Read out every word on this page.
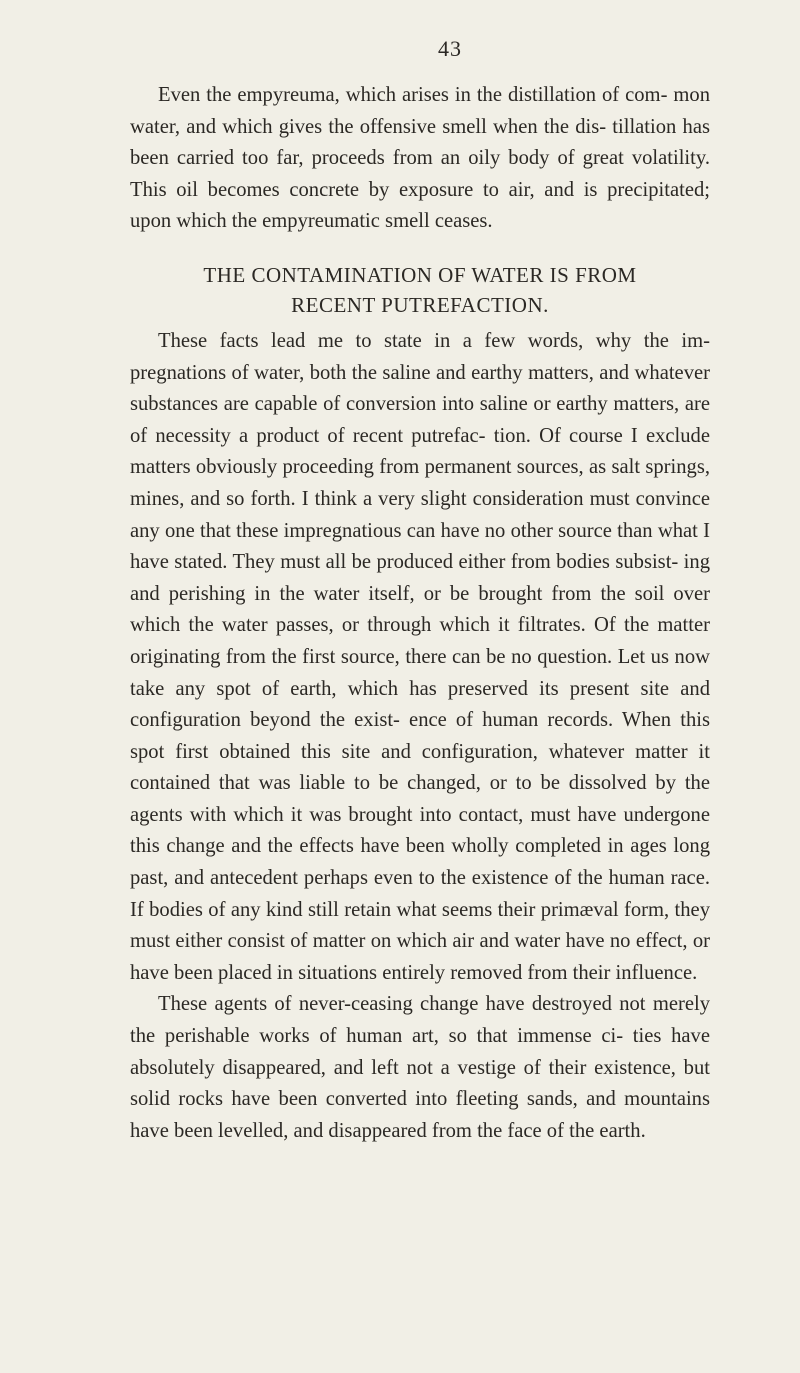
43

Even the empyreuma, which arises in the distillation of com- mon water, and which gives the offensive smell when the dis- tillation has been carried too far, proceeds from an oily body of great volatility. This oil becomes concrete by exposure to air, and is precipitated; upon which the empyreumatic smell ceases.

THE CONTAMINATION OF WATER IS FROM
RECENT PUTREFACTION.

These facts lead me to state in a few words, why the im- pregnations of water, both the saline and earthy matters, and whatever substances are capable of conversion into saline or earthy matters, are of necessity a product of recent putrefac- tion. Of course I exclude matters obviously proceeding from permanent sources, as salt springs, mines, and so forth. I think a very slight consideration must convince any one that these impregnatious can have no other source than what I have stated. They must all be produced either from bodies subsist- ing and perishing in the water itself, or be brought from the soil over which the water passes, or through which it filtrates. Of the matter originating from the first source, there can be no question. Let us now take any spot of earth, which has preserved its present site and configuration beyond the exist- ence of human records. When this spot first obtained this site and configuration, whatever matter it contained that was liable to be changed, or to be dissolved by the agents with which it was brought into contact, must have undergone this change and the effects have been wholly completed in ages long past, and antecedent perhaps even to the existence of the human race. If bodies of any kind still retain what seems their primæval form, they must either consist of matter on which air and water have no effect, or have been placed in situations entirely removed from their influence.

These agents of never-ceasing change have destroyed not merely the perishable works of human art, so that immense ci- ties have absolutely disappeared, and left not a vestige of their existence, but solid rocks have been converted into fleeting sands, and mountains have been levelled, and disappeared from the face of the earth.
